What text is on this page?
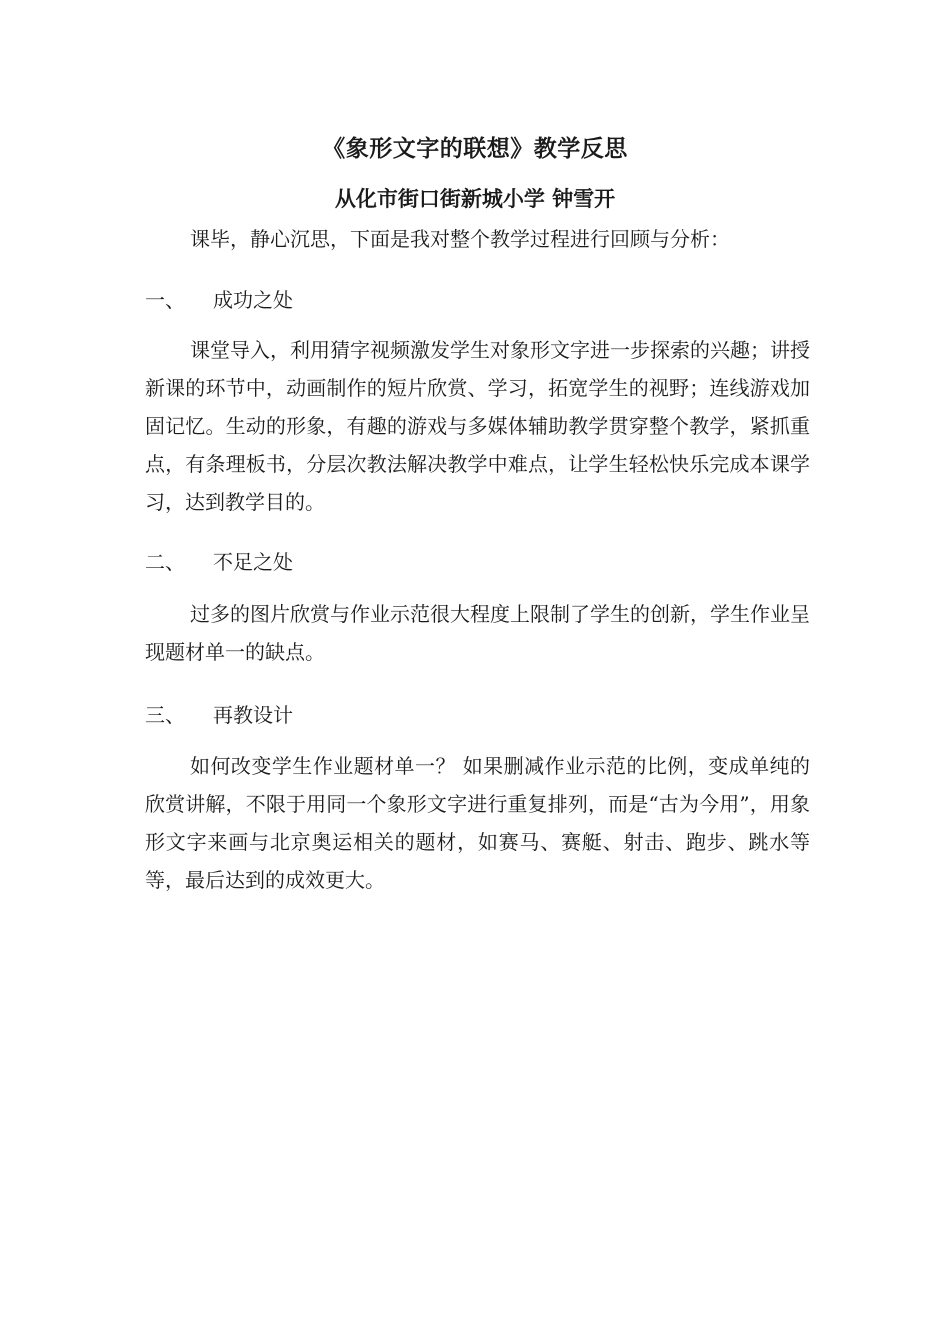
《象形文字的联想》教学反思
从化市街口街新城小学 钟雪开

课毕，静心沉思，下面是我对整个教学过程进行回顾与分析：

一、 成功之处

课堂导入，利用猜字视频激发学生对象形文字进一步探索的兴趣；讲授新课的环节中，动画制作的短片欣赏、学习，拓宽学生的视野；连线游戏加固记忆。生动的形象，有趣的游戏与多媒体辅助教学贯穿整个教学，紧抓重点，有条理板书，分层次教法解决教学中难点，让学生轻松快乐完成本课学习，达到教学目的。

二、 不足之处

过多的图片欣赏与作业示范很大程度上限制了学生的创新，学生作业呈现题材单一的缺点。

三、 再教设计

如何改变学生作业题材单一？ 如果删减作业示范的比例，变成单纯的欣赏讲解，不限于用同一个象形文字进行重复排列，而是“古为今用”，用象形文字来画与北京奥运相关的题材，如赛马、赛艇、射击、跑步、跳水等等，最后达到的成效更大。
